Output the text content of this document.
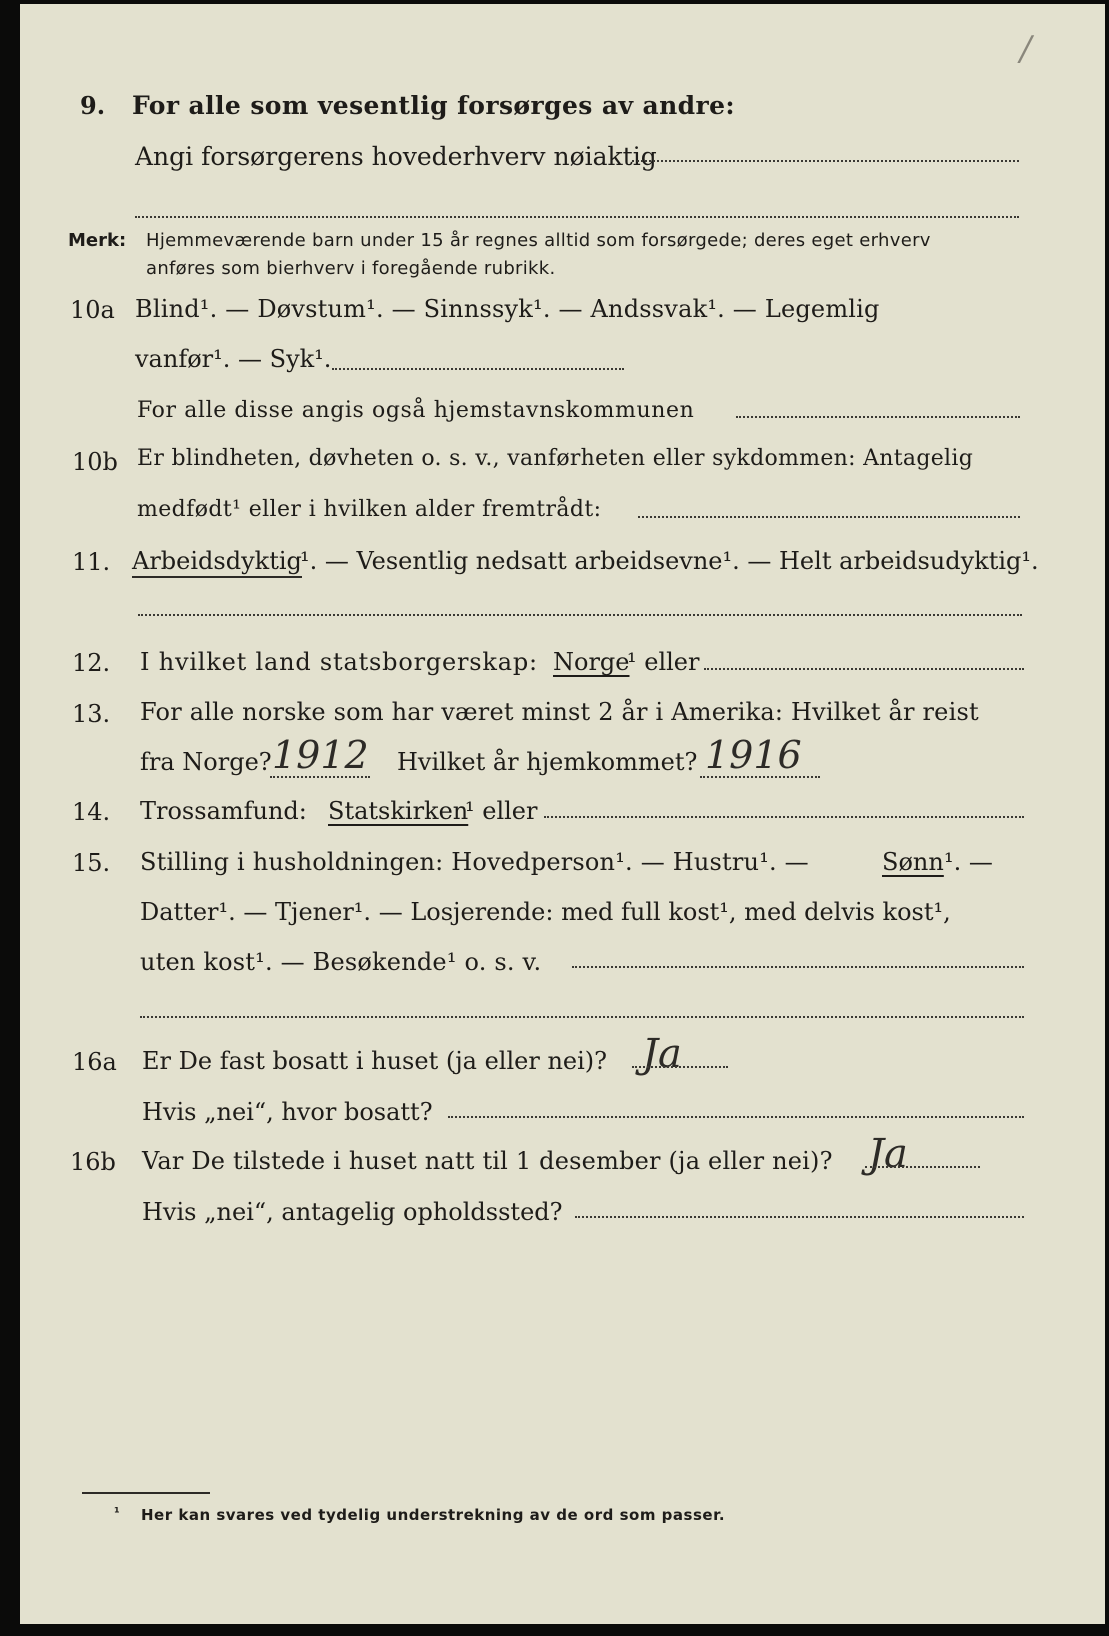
/
9. For alle som vesentlig forsørges av andre:
Angi forsørgerens hovederhverv nøiaktig
Merk: Hjemmeværende barn under 15 år regnes alltid som forsørgede; deres eget erhverv
anføres som bierhverv i foregående rubrikk.
10a Blind¹. — Døvstum¹. — Sinnssyk¹. — Andssvak¹. — Legemlig
vanfør¹. — Syk¹.
For alle disse angis også hjemstavnskommunen
10b Er blindheten, døvheten o. s. v., vanførheten eller sykdommen: Antagelig
medfødt¹ eller i hvilken alder fremtrådt:
11. Arbeidsdyktig
¹. — Vesentlig nedsatt arbeidsevne¹. — Helt arbeidsudyktig¹.
12. I hvilket land statsborgerskap: Norge
¹ eller
13. For alle norske som har været minst 2 år i Amerika: Hvilket år reist
fra Norge? 1912 Hvilket år hjemkommet? 1916
14. Trossamfund: Statskirken
¹ eller
15. Stilling i husholdningen: Hovedperson¹. — Hustru¹. —	Sønn ¹. —
Datter¹. — Tjener¹. — Losjerende: med full kost¹, med delvis kost¹,
uten kost¹. — Besøkende¹ o. s. v.
16a Er De fast bosatt i huset (ja eller nei)? Ja
Hvis „nei“, hvor bosatt?
16b Var De tilstede i huset natt til 1 desember (ja eller nei)? Ja
Hvis „nei“, antagelig opholdssted?
¹ Her kan svares ved tydelig understrekning av de ord som passer.
